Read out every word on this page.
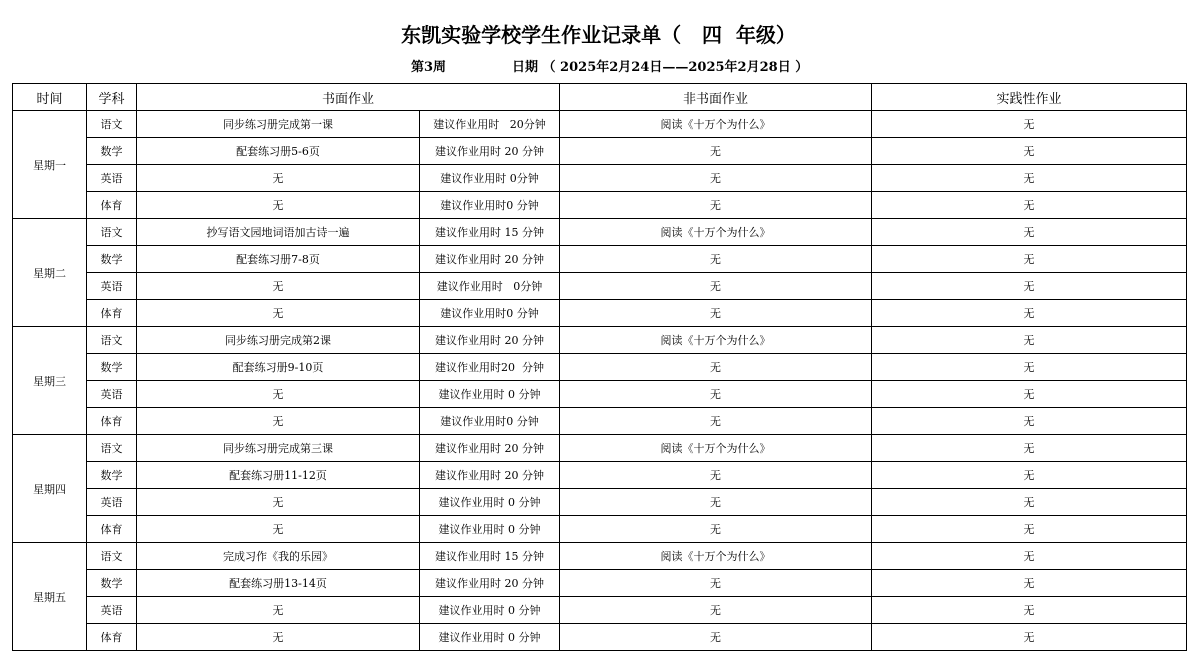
东凯实验学校学生作业记录单（   四  年级）
第3周	日期 （ 2025年2月24日——2025年2月28日 ）
时间	学科	书面作业		非书面作业	实践性作业
星期一	语文	同步练习册完成第一课	建议作业用时   20分钟	阅读《十万个为什么》	无
	数学	配套练习册5-6页	建议作业用时 20 分钟	无	无
	英语	无	建议作业用时 0分钟	无	无
	体育	无	建议作业用时0 分钟	无	无
星期二	语文	抄写语文园地词语加古诗一遍	建议作业用时 15 分钟	阅读《十万个为什么》	无
	数学	配套练习册7-8页	建议作业用时 20 分钟	无	无
	英语	无	建议作业用时   0分钟	无	无
	体育	无	建议作业用时0 分钟	无	无
星期三	语文	同步练习册完成第2课	建议作业用时 20 分钟	阅读《十万个为什么》	无
	数学	配套练习册9-10页	建议作业用时20  分钟	无	无
	英语	无	建议作业用时 0 分钟	无	无
	体育	无	建议作业用时0 分钟	无	无
星期四	语文	同步练习册完成第三课	建议作业用时 20 分钟	阅读《十万个为什么》	无
	数学	配套练习册11-12页	建议作业用时 20 分钟	无	无
	英语	无	建议作业用时 0 分钟	无	无
	体育	无	建议作业用时 0 分钟	无	无
星期五	语文	完成习作《我的乐园》	建议作业用时 15 分钟	阅读《十万个为什么》	无
	数学	配套练习册13-14页	建议作业用时 20 分钟	无	无
	英语	无	建议作业用时 0 分钟	无	无
	体育	无	建议作业用时 0 分钟	无	无
